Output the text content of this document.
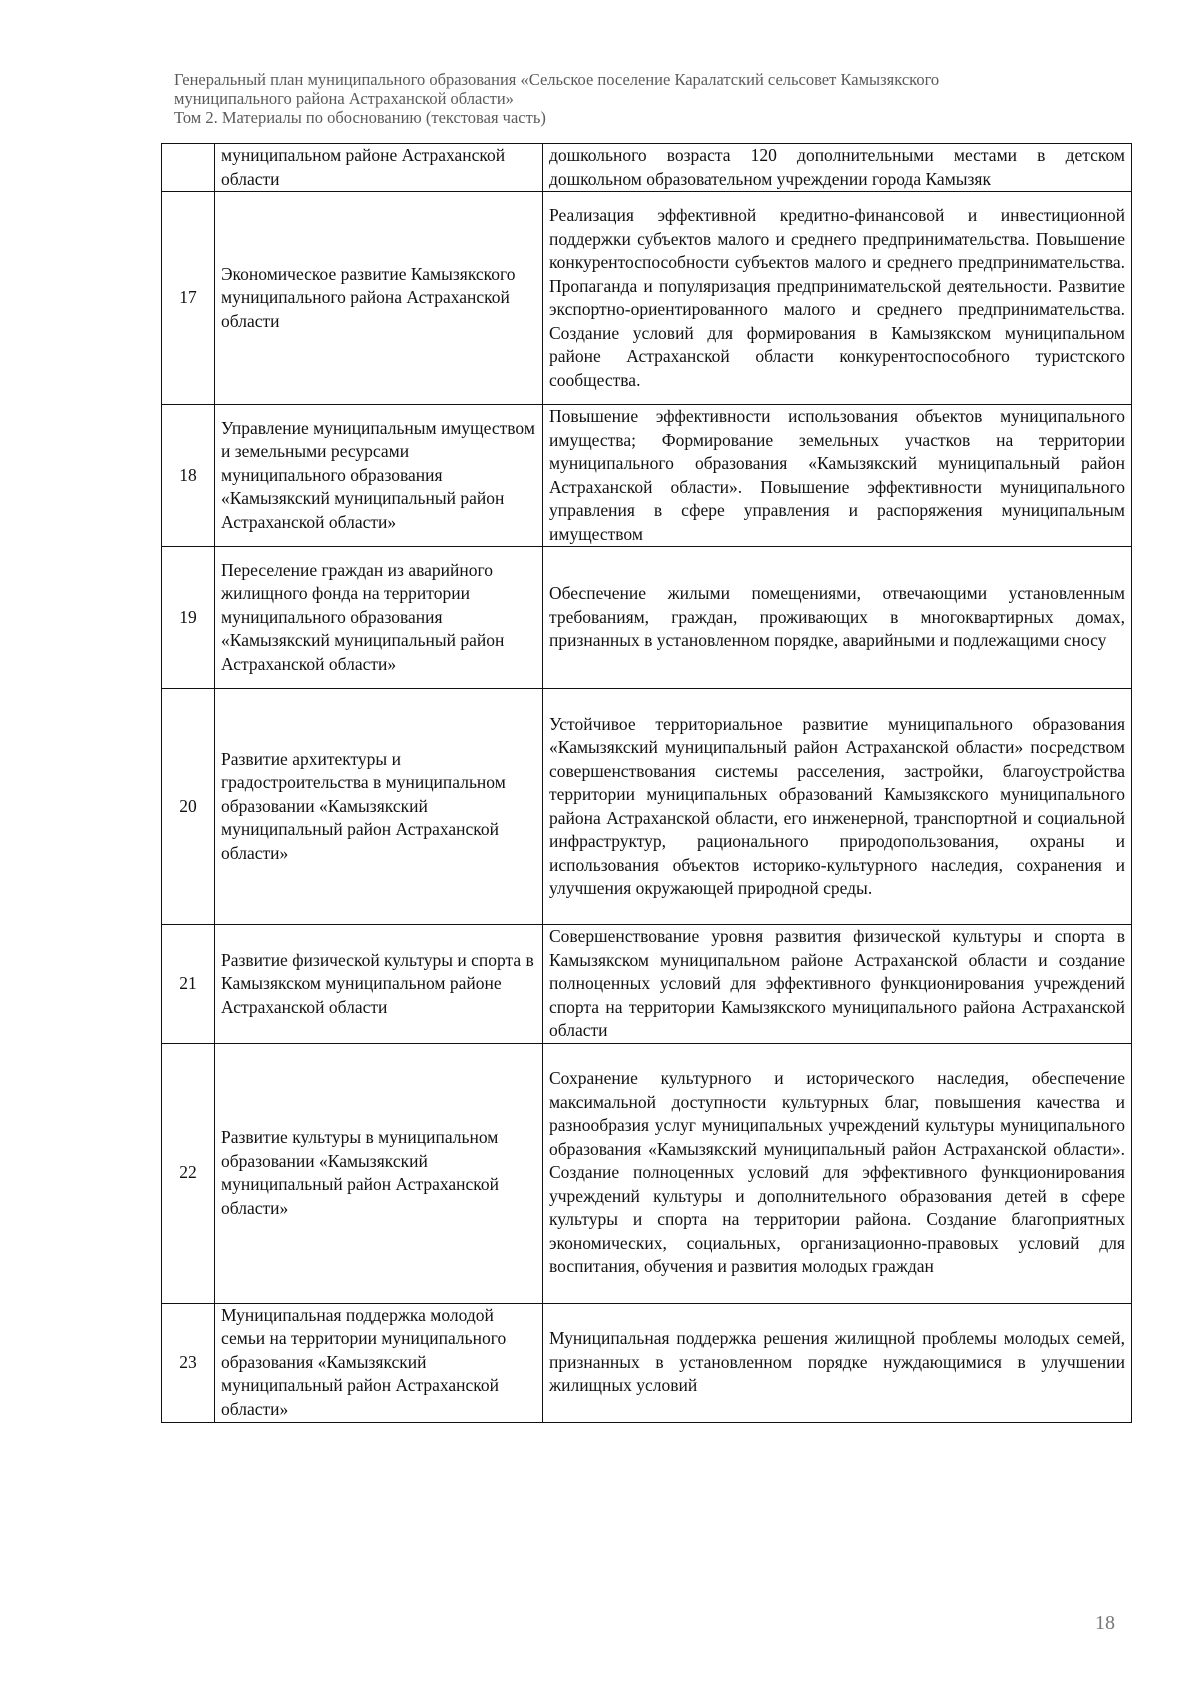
Генеральный план муниципального образования «Сельское поселение Каралатский сельсовет Камызякского
муниципального района Астраханской области»
Том 2. Материалы по обоснованию (текстовая часть)
	муниципальном районе Астраханской области	дошкольного возраста 120 дополнительными местами в детском дошкольном образовательном учреждении города Камызяк
17	Экономическое развитие Камызякского муниципального района Астраханской области	Реализация эффективной кредитно-финансовой и инвестиционной поддержки субъектов малого и среднего предпринимательства. Повышение конкурентоспособности субъектов малого и среднего предпринимательства. Пропаганда и популяризация предпринимательской деятельности. Развитие экспортно-ориентированного малого и среднего предпринимательства. Создание условий для формирования в Камызякском муниципальном районе Астраханской области конкурентоспособного туристского сообщества.
18	Управление муниципальным имуществом и земельными ресурсами муниципального образования «Камызякский муниципальный район Астраханской области»	Повышение эффективности использования объектов муниципального имущества; Формирование земельных участков на территории муниципального образования «Камызякский муниципальный район Астраханской области». Повышение эффективности муниципального управления в сфере управления и распоряжения муниципальным имуществом
19	Переселение граждан из аварийного жилищного фонда на территории муниципального образования «Камызякский муниципальный район Астраханской области»	Обеспечение жилыми помещениями, отвечающими установленным требованиям, граждан, проживающих в многоквартирных домах, признанных в установленном порядке, аварийными и подлежащими сносу
20	Развитие архитектуры и градостроительства в муниципальном образовании «Камызякский муниципальный район Астраханской области»	Устойчивое территориальное развитие муниципального образования «Камызякский муниципальный район Астраханской области» посредством совершенствования системы расселения, застройки, благоустройства территории муниципальных образований Камызякского муниципального района Астраханской области, его инженерной, транспортной и социальной инфраструктур, рационального природопользования, охраны и использования объектов историко-культурного наследия, сохранения и улучшения окружающей природной среды.
21	Развитие физической культуры и спорта в Камызякском муниципальном районе Астраханской области	Совершенствование уровня развития физической культуры и спорта в Камызякском муниципальном районе Астраханской области и создание полноценных условий для эффективного функционирования учреждений спорта на территории Камызякского муниципального района Астраханской области
22	Развитие культуры в муниципальном образовании «Камызякский муниципальный район Астраханской области»	Сохранение культурного и исторического наследия, обеспечение максимальной доступности культурных благ, повышения качества и разнообразия услуг муниципальных учреждений культуры муниципального образования «Камызякский муниципальный район Астраханской области». Создание полноценных условий для эффективного функционирования учреждений культуры и дополнительного образования детей в сфере культуры и спорта на территории района. Создание благоприятных экономических, социальных, организационно-правовых условий для воспитания, обучения и развития молодых граждан
23	Муниципальная поддержка молодой семьи на территории муниципального образования «Камызякский муниципальный район Астраханской области»	Муниципальная поддержка решения жилищной проблемы молодых семей, признанных в установленном порядке нуждающимися в улучшении жилищных условий
18
